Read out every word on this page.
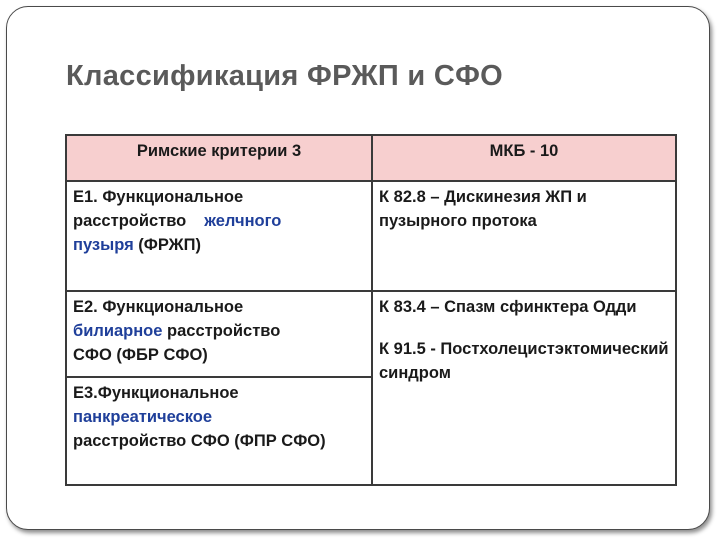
Классификация ФРЖП и СФО
Римские критерии 3	МКБ - 10
Е1. Функциональное
расстройство желчного
пузыря (ФРЖП)	К 82.8 – Дискинезия ЖП и пузырного протока
Е2. Функциональное
билиарное расстройство
СФО (ФБР СФО)	К 83.4 – Спазм сфинктера Одди
К 91.5 - Постхолецистэктомический синдром

Е3.Функциональное
панкреатическое
расстройство СФО (ФПР СФО)	
